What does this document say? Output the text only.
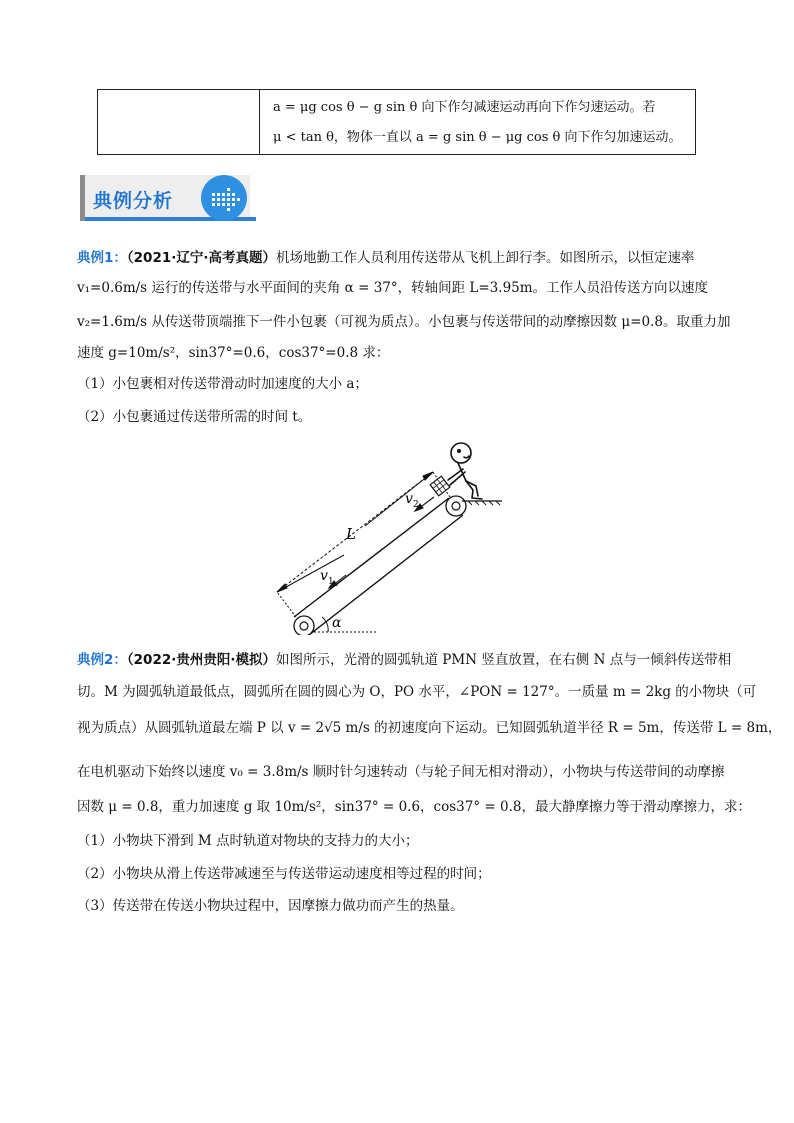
a = μg cos θ − g sin θ 向下作匀减速运动再向下作匀速运动。若
μ < tan θ，物体一直以 a = g sin θ − μg cos θ 向下作匀加速运动。
典例分析
典例1：（2021·辽宁·高考真题）机场地勤工作人员利用传送带从飞机上卸行李。如图所示，以恒定速率
v₁=0.6m/s 运行的传送带与水平面间的夹角 α = 37°，转轴间距 L=3.95m。工作人员沿传送方向以速度
v₂=1.6m/s 从传送带顶端推下一件小包裹（可视为质点）。小包裹与传送带间的动摩擦因数 μ=0.8。取重力加
速度 g=10m/s²，sin37°=0.6，cos37°=0.8 求：
（1）小包裹相对传送带滑动时加速度的大小 a；
（2）小包裹通过传送带所需的时间 t。
L
v 1
v 2
α
典例2：（2022·贵州贵阳·模拟）如图所示，光滑的圆弧轨道 PMN 竖直放置，在右侧 N 点与一倾斜传送带相
切。M 为圆弧轨道最低点，圆弧所在圆的圆心为 O，PO 水平，∠PON = 127°。一质量 m = 2kg 的小物块（可
视为质点）从圆弧轨道最左端 P 以 v = 2√5 m/s 的初速度向下运动。已知圆弧轨道半径 R = 5m，传送带 L = 8m，
在电机驱动下始终以速度 v₀ = 3.8m/s 顺时针匀速转动（与轮子间无相对滑动），小物块与传送带间的动摩擦
因数 μ = 0.8，重力加速度 g 取 10m/s²，sin37° = 0.6，cos37° = 0.8，最大静摩擦力等于滑动摩擦力，求：
（1）小物块下滑到 M 点时轨道对物块的支持力的大小；
（2）小物块从滑上传送带减速至与传送带运动速度相等过程的时间；
（3）传送带在传送小物块过程中，因摩擦力做功而产生的热量。
